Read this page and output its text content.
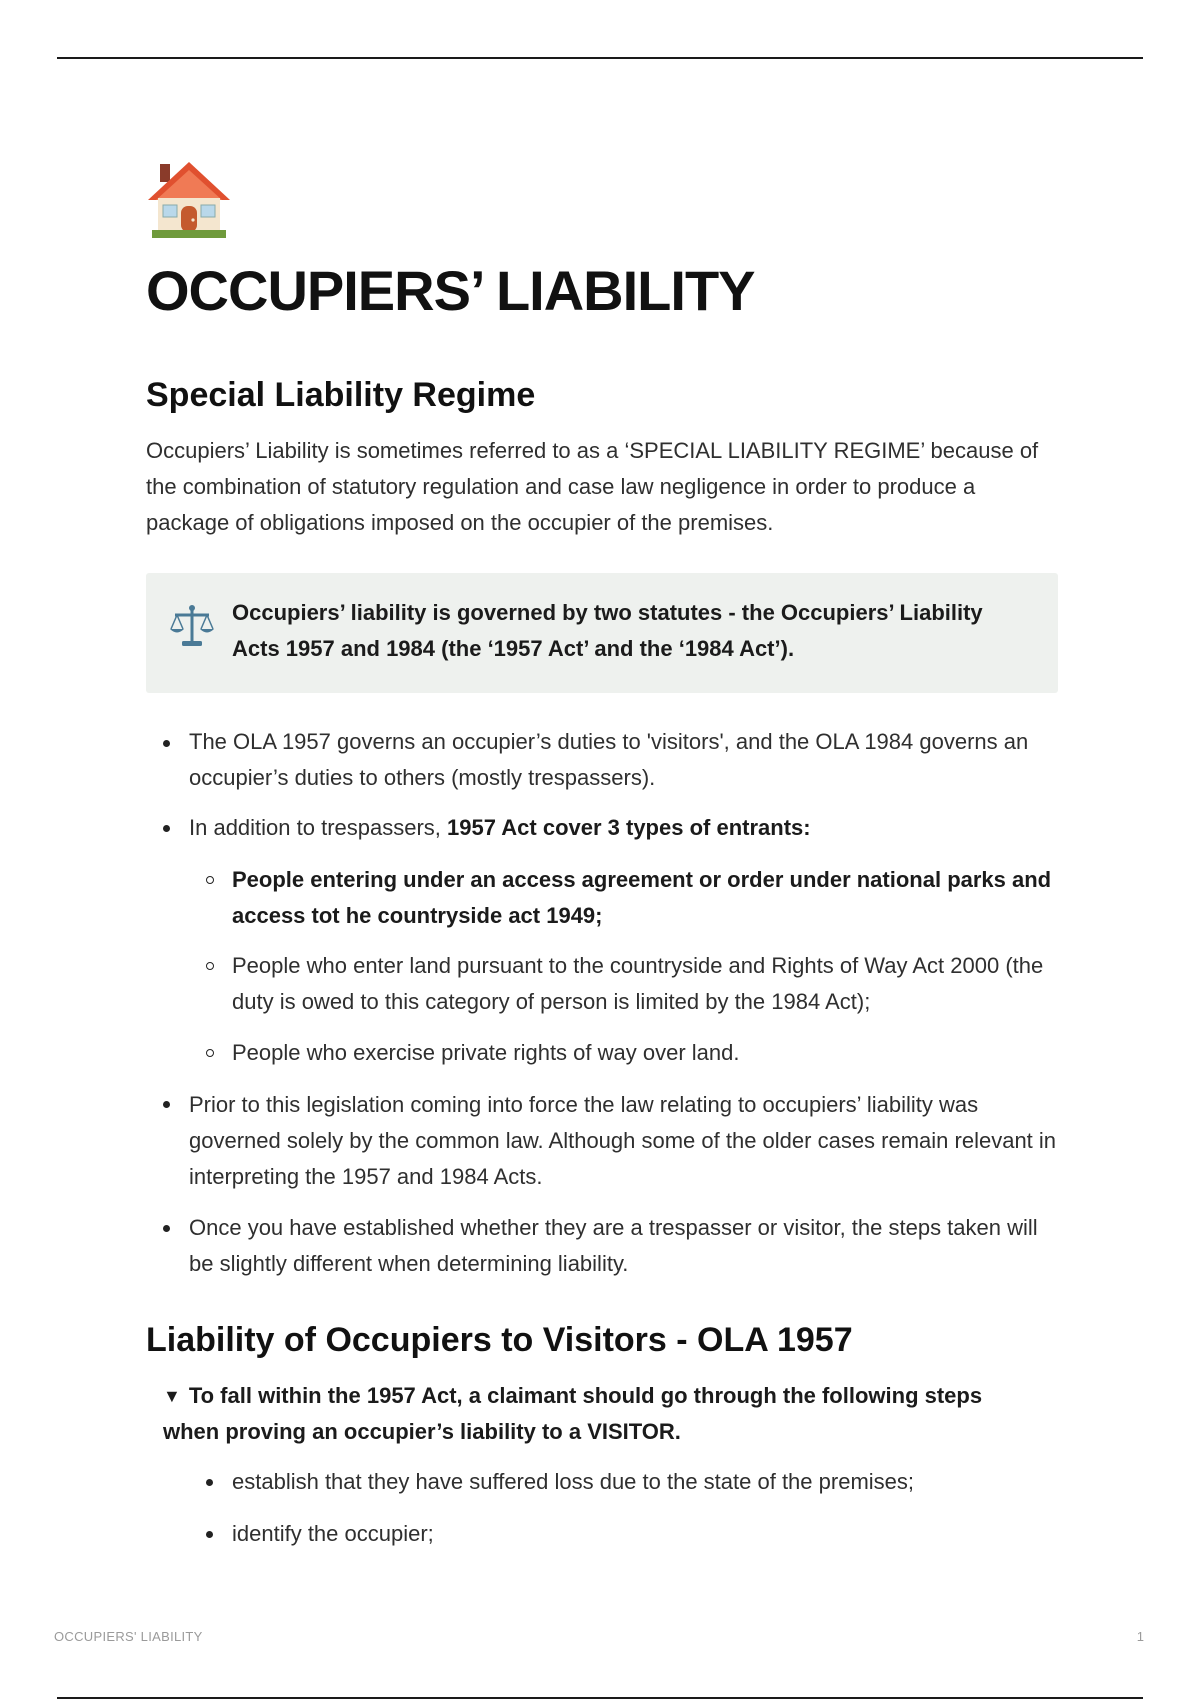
OCCUPIERS’ LIABILITY
Special Liability Regime

Occupiers’ Liability is sometimes referred to as a ‘SPECIAL LIABILITY REGIME’ because of the combination of statutory regulation and case law negligence in order to produce a package of obligations imposed on the occupier of the premises.

Occupiers’ liability is governed by two statutes - the Occupiers’ Liability Acts 1957 and 1984 (the ‘1957 Act’ and the ‘1984 Act’).

The OLA 1957 governs an occupier’s duties to 'visitors', and the OLA 1984 governs an occupier’s duties to others (mostly trespassers).
In addition to trespassers, 1957 Act cover 3 types of entrants:
People entering under an access agreement or order under national parks and access tot he countryside act 1949;
People who enter land pursuant to the countryside and Rights of Way Act 2000 (the duty is owed to this category of person is limited by the 1984 Act);
People who exercise private rights of way over land.
Prior to this legislation coming into force the law relating to occupiers’ liability was governed solely by the common law. Although some of the older cases remain relevant in interpreting the 1957 and 1984 Acts.
Once you have established whether they are a trespasser or visitor, the steps taken will be slightly different when determining liability.
Liability of Occupiers to Visitors - OLA 1957
▼ To fall within the 1957 Act, a claimant should go through the following steps when proving an occupier’s liability to a VISITOR.
establish that they have suffered loss due to the state of the premises;
identify the occupier;
OCCUPIERS' LIABILITY	1
